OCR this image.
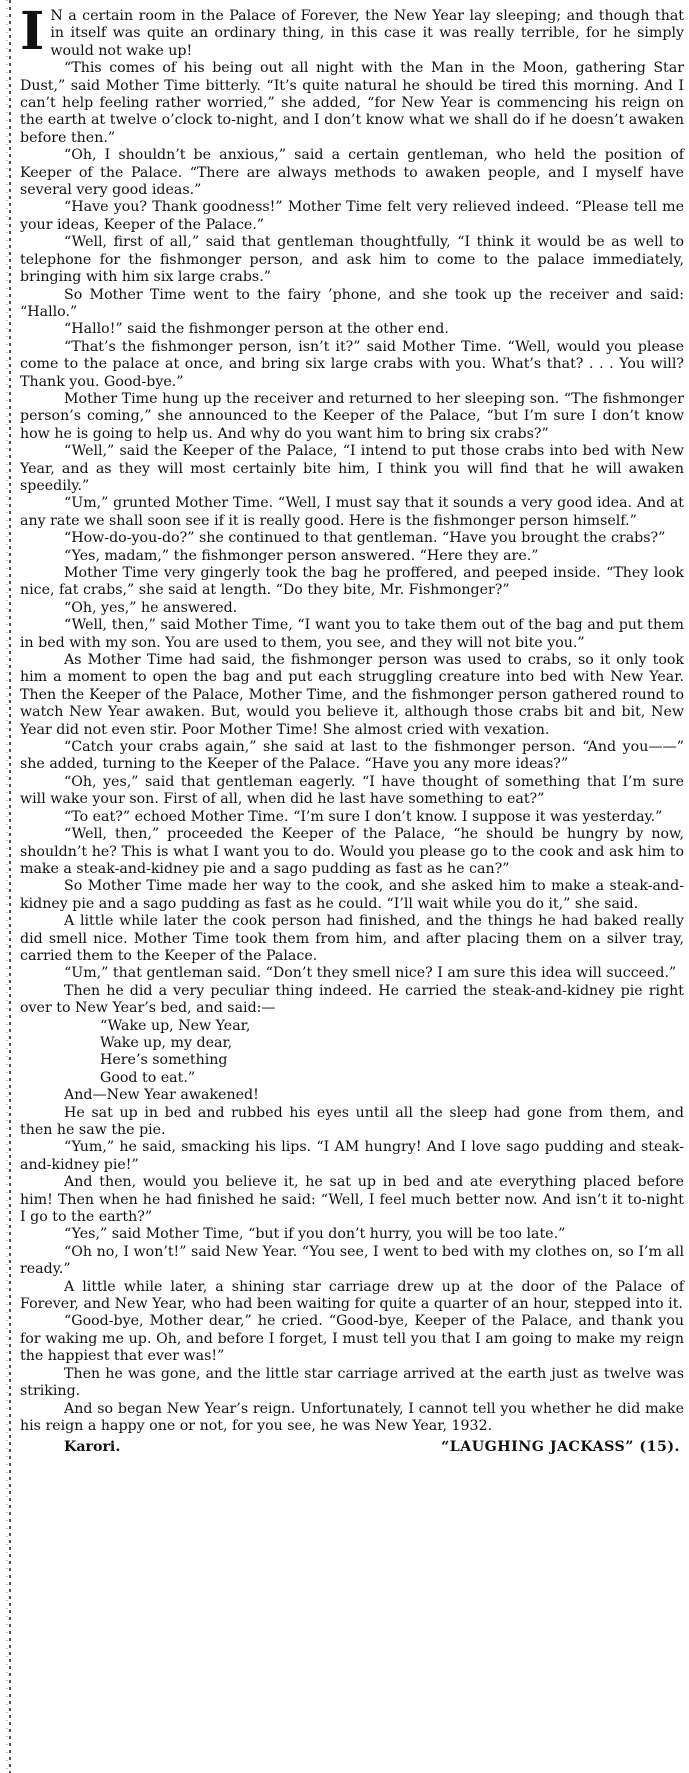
I N a certain room in the Palace of Forever, the New Year lay sleeping; and though that in itself was quite an ordinary thing, in this case it was really terrible, for he simply would not wake up!

“This comes of his being out all night with the Man in the Moon, gathering Star Dust,” said Mother Time bitterly. “It’s quite natural he should be tired this morning. And I can’t help feeling rather worried,” she added, “for New Year is commencing his reign on the earth at twelve o’clock to-night, and I don’t know what we shall do if he doesn’t awaken before then.”

“Oh, I shouldn’t be anxious,” said a certain gentleman, who held the position of Keeper of the Palace. “There are always methods to awaken people, and I myself have several very good ideas.”

“Have you? Thank goodness!” Mother Time felt very relieved indeed. “Please tell me your ideas, Keeper of the Palace.”

“Well, first of all,” said that gentleman thoughtfully, “I think it would be as well to telephone for the fishmonger person, and ask him to come to the palace immediately, bringing with him six large crabs.”

So Mother Time went to the fairy ’phone, and she took up the receiver and said: “Hallo.”

“Hallo!” said the fishmonger person at the other end.

“That’s the fishmonger person, isn’t it?” said Mother Time. “Well, would you please come to the palace at once, and bring six large crabs with you. What’s that? . . . You will? Thank you. Good-bye.”

Mother Time hung up the receiver and returned to her sleeping son. “The fishmonger person’s coming,” she announced to the Keeper of the Palace, “but I’m sure I don’t know how he is going to help us. And why do you want him to bring six crabs?”

“Well,” said the Keeper of the Palace, “I intend to put those crabs into bed with New Year, and as they will most certainly bite him, I think you will find that he will awaken speedily.”

“Um,” grunted Mother Time. “Well, I must say that it sounds a very good idea. And at any rate we shall soon see if it is really good. Here is the fishmonger person himself.”

“How-do-you-do?” she continued to that gentleman. “Have you brought the crabs?”

“Yes, madam,” the fishmonger person answered. “Here they are.”

Mother Time very gingerly took the bag he proffered, and peeped inside. “They look nice, fat crabs,” she said at length. “Do they bite, Mr. Fishmonger?”

“Oh, yes,” he answered.

“Well, then,” said Mother Time, “I want you to take them out of the bag and put them in bed with my son. You are used to them, you see, and they will not bite you.”

As Mother Time had said, the fishmonger person was used to crabs, so it only took him a moment to open the bag and put each struggling creature into bed with New Year. Then the Keeper of the Palace, Mother Time, and the fishmonger person gathered round to watch New Year awaken. But, would you believe it, although those crabs bit and bit, New Year did not even stir. Poor Mother Time! She almost cried with vexation.

“Catch your crabs again,” she said at last to the fishmonger person. “And you——” she added, turning to the Keeper of the Palace. “Have you any more ideas?”

“Oh, yes,” said that gentleman eagerly. “I have thought of something that I’m sure will wake your son. First of all, when did he last have something to eat?”

“To eat?” echoed Mother Time. “I’m sure I don’t know. I suppose it was yesterday.”

“Well, then,” proceeded the Keeper of the Palace, “he should be hungry by now, shouldn’t he? This is what I want you to do. Would you please go to the cook and ask him to make a steak-and-kidney pie and a sago pudding as fast as he can?”

So Mother Time made her way to the cook, and she asked him to make a steak-and-kidney pie and a sago pudding as fast as he could. “I’ll wait while you do it,” she said.

A little while later the cook person had finished, and the things he had baked really did smell nice. Mother Time took them from him, and after placing them on a silver tray, carried them to the Keeper of the Palace.

“Um,” that gentleman said. “Don’t they smell nice? I am sure this idea will succeed.”

Then he did a very peculiar thing indeed. He carried the steak-and-kidney pie right over to New Year’s bed, and said:—

“Wake up, New Year,
Wake up, my dear,
Here’s something
Good to eat.”

And—New Year awakened!

He sat up in bed and rubbed his eyes until all the sleep had gone from them, and then he saw the pie.

“Yum,” he said, smacking his lips. “I AM hungry! And I love sago pudding and steak-and-kidney pie!”

And then, would you believe it, he sat up in bed and ate everything placed before him! Then when he had finished he said: “Well, I feel much better now. And isn’t it to-night I go to the earth?”

“Yes,” said Mother Time, “but if you don’t hurry, you will be too late.”

“Oh no, I won’t!” said New Year. “You see, I went to bed with my clothes on, so I’m all ready.”

A little while later, a shining star carriage drew up at the door of the Palace of Forever, and New Year, who had been waiting for quite a quarter of an hour, stepped into it.

“Good-bye, Mother dear,” he cried. “Good-bye, Keeper of the Palace, and thank you for waking me up. Oh, and before I forget, I must tell you that I am going to make my reign the happiest that ever was!”

Then he was gone, and the little star carriage arrived at the earth just as twelve was striking.

And so began New Year’s reign. Unfortunately, I cannot tell you whether he did make his reign a happy one or not, for you see, he was New Year, 1932.

Karori.	“LAUGHING JACKASS” (15).
